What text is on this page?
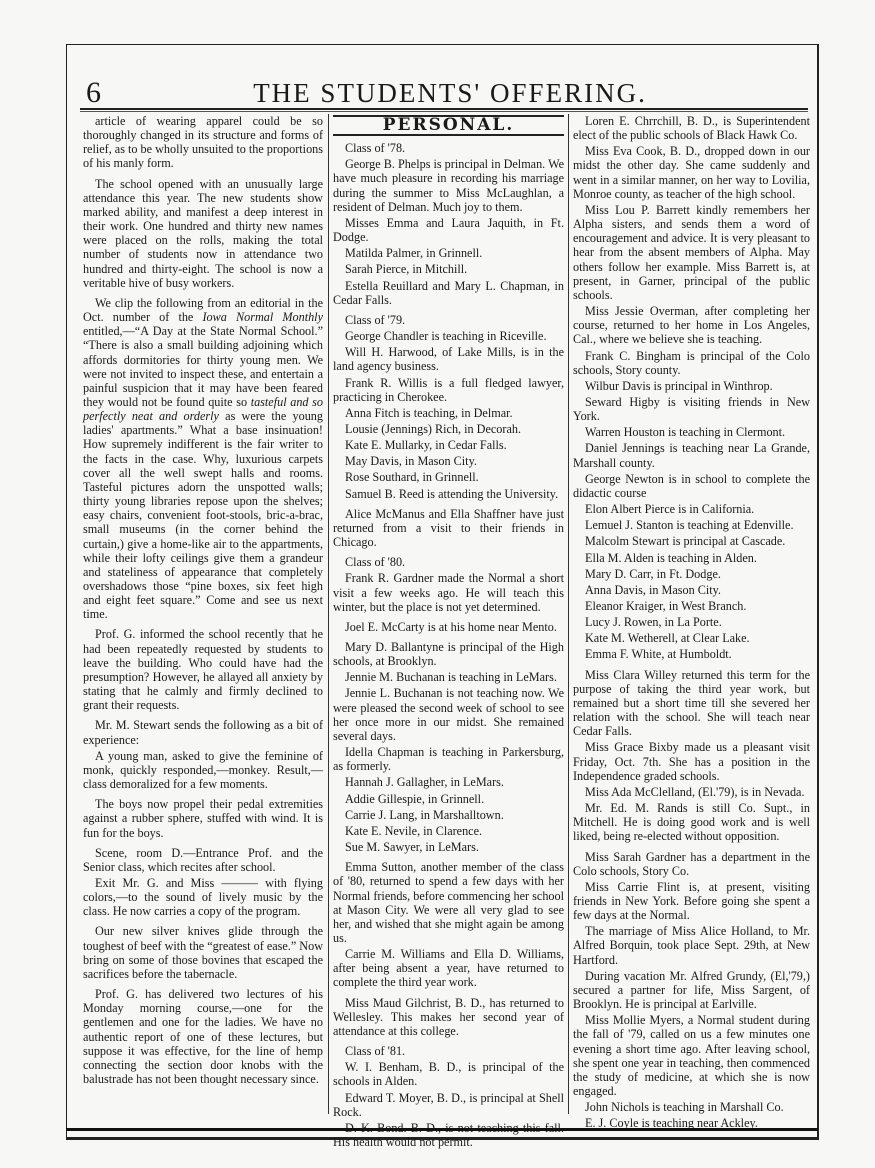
6	THE STUDENTS' OFFERING.

article of wearing apparel could be so thoroughly changed in its structure and forms of relief, as to be wholly unsuited to the proportions of his manly form.

The school opened with an unusually large attendance this year. The new students show marked ability, and manifest a deep interest in their work. One hundred and thirty new names were placed on the rolls, making the total number of students now in attendance two hundred and thirty-eight. The school is now a veritable hive of busy workers.

We clip the following from an editorial in the Oct. number of the Iowa Normal Monthly entitled,—“A Day at the State Normal School.” “There is also a small building adjoining which affords dormitories for thirty young men. We were not invited to inspect these, and entertain a painful suspicion that it may have been feared they would not be found quite so tasteful and so perfectly neat and orderly as were the young ladies' apartments.” What a base insinuation! How supremely indifferent is the fair writer to the facts in the case. Why, luxurious carpets cover all the well swept halls and rooms. Tasteful pictures adorn the unspotted walls; thirty young libraries repose upon the shelves; easy chairs, convenient foot-stools, bric-a-brac, small museums (in the corner behind the curtain,) give a home-like air to the appartments, while their lofty ceilings give them a grandeur and stateliness of appearance that completely overshadows those “pine boxes, six feet high and eight feet square.” Come and see us next time.

Prof. G. informed the school recently that he had been repeatedly requested by students to leave the building. Who could have had the presumption? However, he allayed all anxiety by stating that he calmly and firmly declined to grant their requests.

Mr. M. Stewart sends the following as a bit of experience:

A young man, asked to give the feminine of monk, quickly responded,—monkey. Result,—class demoralized for a few moments.

The boys now propel their pedal extremities against a rubber sphere, stuffed with wind. It is fun for the boys.

Scene, room D.—Entrance Prof. and the Senior class, which recites after school.

Exit Mr. G. and Miss ——— with flying colors,—to the sound of lively music by the class. He now carries a copy of the program.

Our new silver knives glide through the toughest of beef with the “greatest of ease.” Now bring on some of those bovines that escaped the sacrifices before the tabernacle.

Prof. G. has delivered two lectures of his Monday morning course,—one for the gentlemen and one for the ladies. We have no authentic report of one of these lectures, but suppose it was effective, for the line of hemp connecting the section door knobs with the balustrade has not been thought necessary since.

PERSONAL.

Class of '78.

George B. Phelps is principal in Delman. We have much pleasure in recording his marriage during the summer to Miss McLaughlan, a resident of Delman. Much joy to them.

Misses Emma and Laura Jaquith, in Ft. Dodge.

Matilda Palmer, in Grinnell.

Sarah Pierce, in Mitchill.

Estella Reuillard and Mary L. Chapman, in Cedar Falls.

Class of '79.

George Chandler is teaching in Riceville.

Will H. Harwood, of Lake Mills, is in the land agency business.

Frank R. Willis is a full fledged lawyer, practicing in Cherokee.

Anna Fitch is teaching, in Delmar.

Lousie (Jennings) Rich, in Decorah.

Kate E. Mullarky, in Cedar Falls.

May Davis, in Mason City.

Rose Southard, in Grinnell.

Samuel B. Reed is attending the University.

Alice McManus and Ella Shaffner have just returned from a visit to their friends in Chicago.

Class of '80.

Frank R. Gardner made the Normal a short visit a few weeks ago. He will teach this winter, but the place is not yet determined.

Joel E. McCarty is at his home near Mento.

Mary D. Ballantyne is principal of the High schools, at Brooklyn.

Jennie M. Buchanan is teaching in LeMars.

Jennie L. Buchanan is not teaching now. We were pleased the second week of school to see her once more in our midst. She remained several days.

Idella Chapman is teaching in Parkersburg, as formerly.

Hannah J. Gallagher, in LeMars.

Addie Gillespie, in Grinnell.

Carrie J. Lang, in Marshalltown.

Kate E. Nevile, in Clarence.

Sue M. Sawyer, in LeMars.

Emma Sutton, another member of the class of '80, returned to spend a few days with her Normal friends, before commencing her school at Mason City. We were all very glad to see her, and wished that she might again be among us.

Carrie M. Williams and Ella D. Williams, after being absent a year, have returned to complete the third year work.

Miss Maud Gilchrist, B. D., has returned to Wellesley. This makes her second year of attendance at this college.

Class of '81.

W. I. Benham, B. D., is principal of the schools in Alden.

Edward T. Moyer, B. D., is principal at Shell Rock.

D. K. Bond. B. D., is not teaching this fall. His health would not permit.

Loren E. Chrrchill, B. D., is Superintendent elect of the public schools of Black Hawk Co.

Miss Eva Cook, B. D., dropped down in our midst the other day. She came suddenly and went in a similar manner, on her way to Lovilia, Monroe county, as teacher of the high school.

Miss Lou P. Barrett kindly remembers her Alpha sisters, and sends them a word of encouragement and advice. It is very pleasant to hear from the absent members of Alpha. May others follow her example. Miss Barrett is, at present, in Garner, principal of the public schools.

Miss Jessie Overman, after completing her course, returned to her home in Los Angeles, Cal., where we believe she is teaching.

Frank C. Bingham is principal of the Colo schools, Story county.

Wilbur Davis is principal in Winthrop.

Seward Higby is visiting friends in New York.

Warren Houston is teaching in Clermont.

Daniel Jennings is teaching near La Grande, Marshall county.

George Newton is in school to complete the didactic course

Elon Albert Pierce is in California.

Lemuel J. Stanton is teaching at Edenville.

Malcolm Stewart is principal at Cascade.

Ella M. Alden is teaching in Alden.

Mary D. Carr, in Ft. Dodge.

Anna Davis, in Mason City.

Eleanor Kraiger, in West Branch.

Lucy J. Rowen, in La Porte.

Kate M. Wetherell, at Clear Lake.

Emma F. White, at Humboldt.

Miss Clara Willey returned this term for the purpose of taking the third year work, but remained but a short time till she severed her relation with the school. She will teach near Cedar Falls.

Miss Grace Bixby made us a pleasant visit Friday, Oct. 7th. She has a position in the Independence graded schools.

Miss Ada McClelland, (El.'79), is in Nevada.

Mr. Ed. M. Rands is still Co. Supt., in Mitchell. He is doing good work and is well liked, being re-elected without opposition.

Miss Sarah Gardner has a department in the Colo schools, Story Co.

Miss Carrie Flint is, at present, visiting friends in New York. Before going she spent a few days at the Normal.

The marriage of Miss Alice Holland, to Mr. Alfred Borquin, took place Sept. 29th, at New Hartford.

During vacation Mr. Alfred Grundy, (El,'79,) secured a partner for life, Miss Sargent, of Brooklyn. He is principal at Earlville.

Miss Mollie Myers, a Normal student during the fall of '79, called on us a few minutes one evening a short time ago. After leaving school, she spent one year in teaching, then commenced the study of medicine, at which she is now engaged.

John Nichols is teaching in Marshall Co.

E. J. Coyle is teaching near Ackley.
